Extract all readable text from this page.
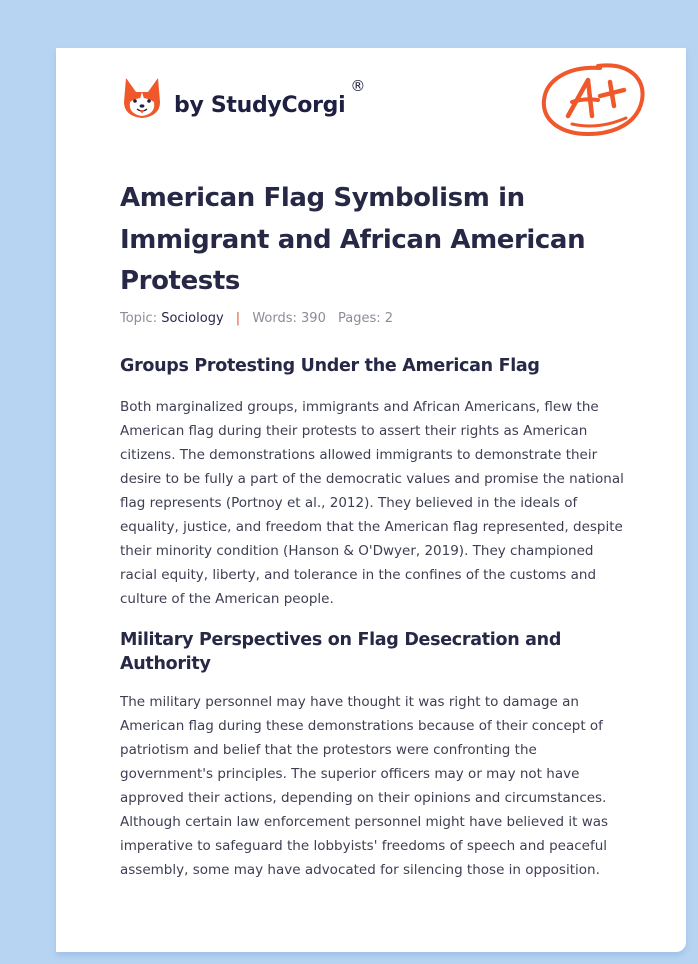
by StudyCorgi
®
American Flag Symbolism in Immigrant and African American Protests
Topic: Sociology | Words: 390 Pages: 2
Groups Protesting Under the American Flag

Both marginalized groups, immigrants and African Americans, flew the American flag during their protests to assert their rights as American citizens. The demonstrations allowed immigrants to demonstrate their desire to be fully a part of the democratic values and promise the national flag represents (Portnoy et al., 2012). They believed in the ideals of equality, justice, and freedom that the American flag represented, despite their minority condition (Hanson & O'Dwyer, 2019). They championed racial equity, liberty, and tolerance in the confines of the customs and culture of the American people.

Military Perspectives on Flag Desecration and Authority

The military personnel may have thought it was right to damage an American flag during these demonstrations because of their concept of patriotism and belief that the protestors were confronting the government's principles. The superior officers may or may not have approved their actions, depending on their opinions and circumstances. Although certain law enforcement personnel might have believed it was imperative to safeguard the lobbyists' freedoms of speech and peaceful assembly, some may have advocated for silencing those in opposition.
